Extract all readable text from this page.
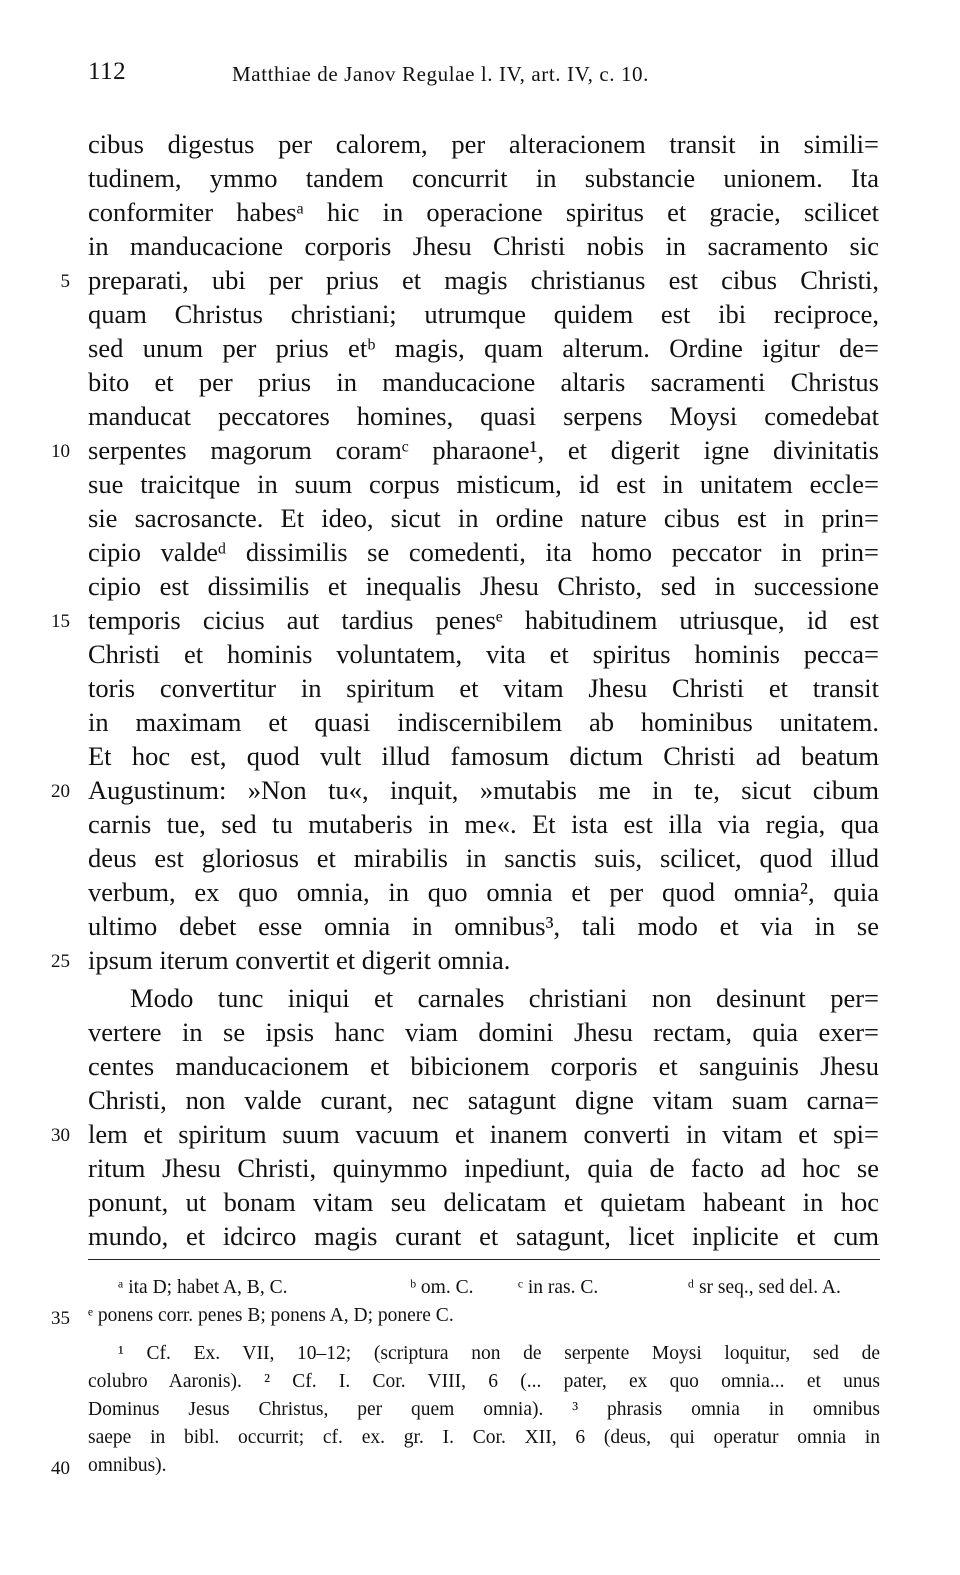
112	Matthiae de Janov Regulae l. IV, art. IV, c. 10.
cibus digestus per calorem, per alteracionem transit in simili=
tudinem, ymmo tandem concurrit in substancie unionem. Ita
conformiter habesᵃ hic in operacione spiritus et gracie, scilicet
in manducacione corporis Jhesu Christi nobis in sacramento sic
preparati, ubi per prius et magis christianus est cibus Christi,
quam Christus christiani; utrumque quidem est ibi reciproce,
sed unum per prius etᵇ magis, quam alterum. Ordine igitur de=
bito et per prius in manducacione altaris sacramenti Christus
manducat peccatores homines, quasi serpens Moysi comedebat
serpentes magorum coramᶜ pharaone¹, et digerit igne divinitatis
sue traicitque in suum corpus misticum, id est in unitatem eccle=
sie sacrosancte. Et ideo, sicut in ordine nature cibus est in prin=
cipio valdeᵈ dissimilis se comedenti, ita homo peccator in prin=
cipio est dissimilis et inequalis Jhesu Christo, sed in successione
temporis cicius aut tardius penesᵉ habitudinem utriusque, id est
Christi et hominis voluntatem, vita et spiritus hominis pecca=
toris convertitur in spiritum et vitam Jhesu Christi et transit
in maximam et quasi indiscernibilem ab hominibus unitatem.
Et hoc est, quod vult illud famosum dictum Christi ad beatum
Augustinum: »Non tu«, inquit, »mutabis me in te, sicut cibum
carnis tue, sed tu mutaberis in me«. Et ista est illa via regia, qua
deus est gloriosus et mirabilis in sanctis suis, scilicet, quod illud
verbum, ex quo omnia, in quo omnia et per quod omnia², quia
ultimo debet esse omnia in omnibus³, tali modo et via in se
ipsum iterum convertit et digerit omnia.
Modo tunc iniqui et carnales christiani non desinunt per=
vertere in se ipsis hanc viam domini Jhesu rectam, quia exer=
centes manducacionem et bibicionem corporis et sanguinis Jhesu
Christi, non valde curant, nec satagunt digne vitam suam carna=
lem et spiritum suum vacuum et inanem converti in vitam et spi=
ritum Jhesu Christi, quinymmo inpediunt, quia de facto ad hoc se
ponunt, ut bonam vitam seu delicatam et quietam habeant in hoc
mundo, et idcirco magis curant et satagunt, licet inplicite et cum
5
10
15
20
25
30
35
40
ᵃ ita D; habet A, B, C.	ᵇ om. C. ᶜ in ras. C.	ᵈ sr seq., sed del. A.
ᵉ ponens corr. penes B; ponens A, D; ponere C.
¹ Cf. Ex. VII, 10–12; (scriptura non de serpente Moysi loquitur, sed de
colubro Aaronis). ² Cf. I. Cor. VIII, 6 (... pater, ex quo omnia... et unus
Dominus Jesus Christus, per quem omnia). ³ phrasis omnia in omnibus
saepe in bibl. occurrit; cf. ex. gr. I. Cor. XII, 6 (deus, qui operatur omnia in
omnibus).
